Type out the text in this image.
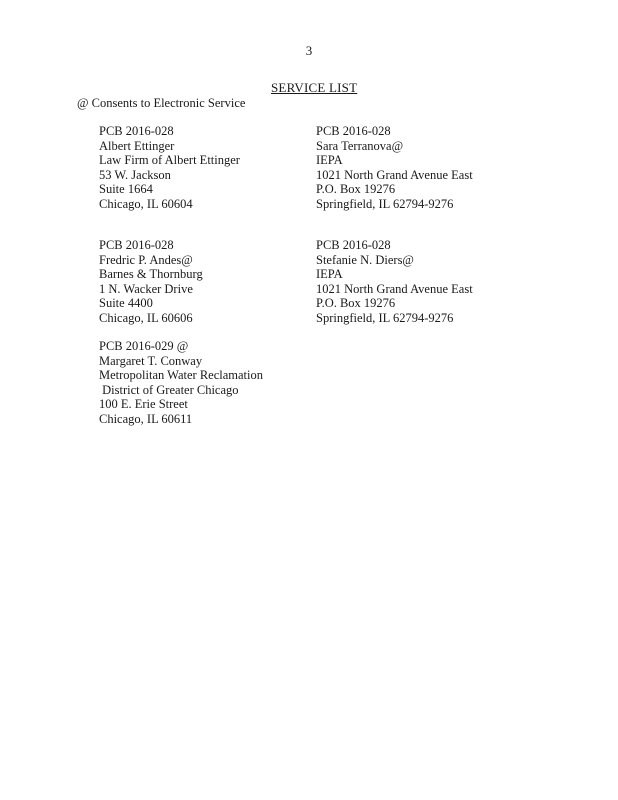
3
SERVICE LIST
@ Consents to Electronic Service
PCB 2016-028
Albert Ettinger
Law Firm of Albert Ettinger
53 W. Jackson
Suite 1664
Chicago, IL 60604
PCB 2016-028
Sara Terranova@
IEPA
1021 North Grand Avenue East
P.O. Box 19276
Springfield, IL 62794-9276
PCB 2016-028
Fredric P. Andes@
Barnes & Thornburg
1 N. Wacker Drive
Suite 4400
Chicago, IL 60606
PCB 2016-028
Stefanie N. Diers@
IEPA
1021 North Grand Avenue East
P.O. Box 19276
Springfield, IL 62794-9276
PCB 2016-029 @
Margaret T. Conway
Metropolitan Water Reclamation
District of Greater Chicago
100 E. Erie Street
Chicago, IL 60611
